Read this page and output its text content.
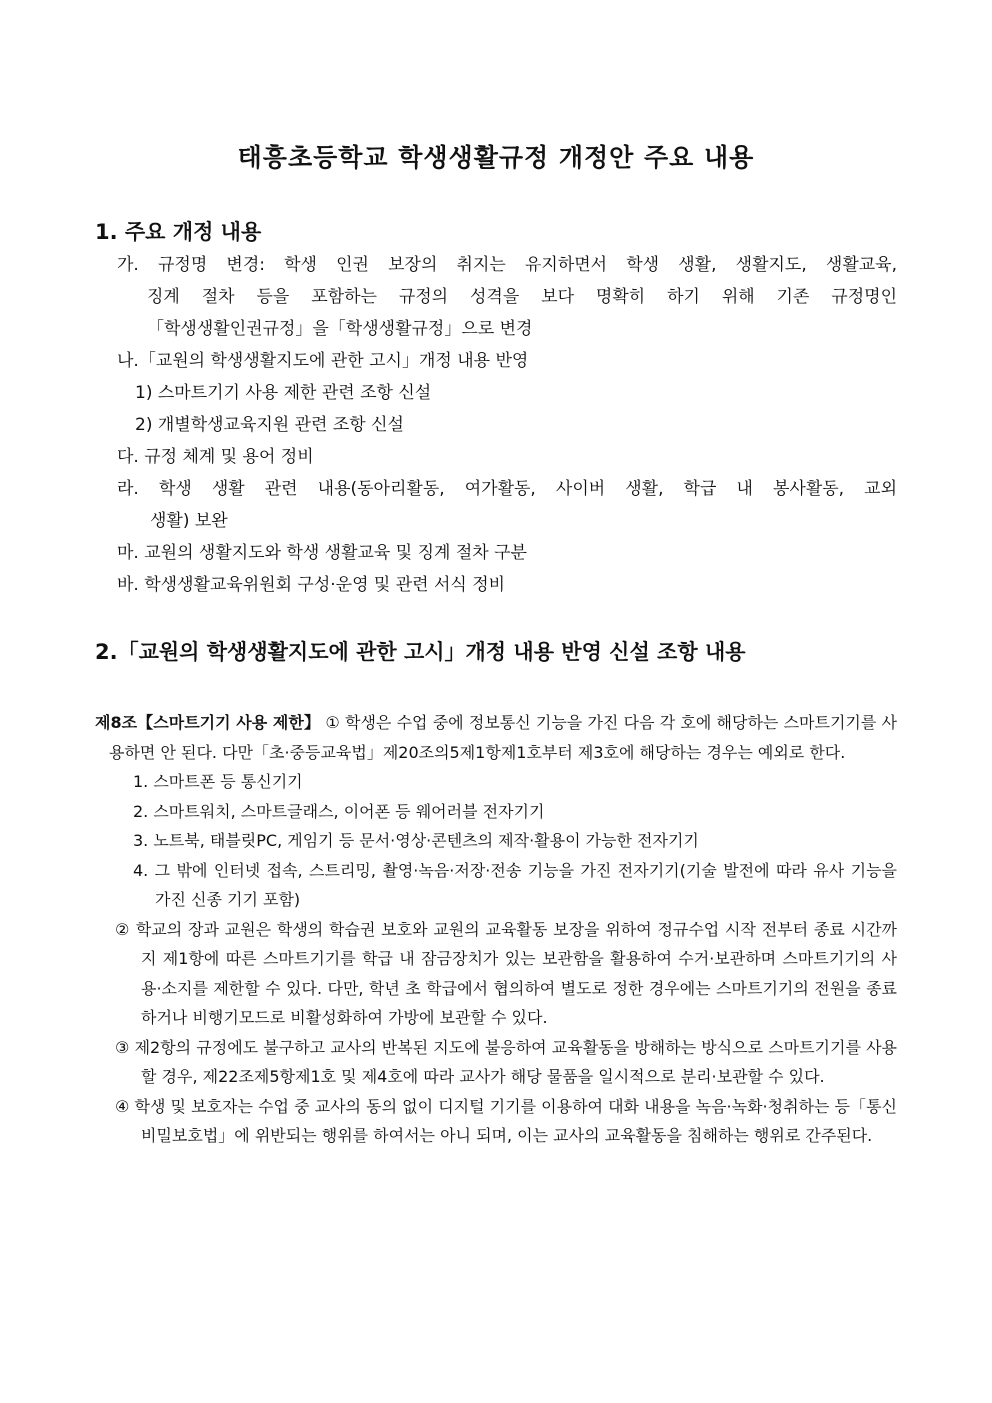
태흥초등학교 학생생활규정 개정안 주요 내용
1. 주요 개정 내용

가. 규정명 변경: 학생 인권 보장의 취지는 유지하면서 학생 생활, 생활지도, 생활교육,

징계 절차 등을 포함하는 규정의 성격을 보다 명확히 하기 위해 기존 규정명인

「학생생활인권규정」을「학생생활규정」으로 변경

나.「교원의 학생생활지도에 관한 고시」개정 내용 반영

1) 스마트기기 사용 제한 관련 조항 신설

2) 개별학생교육지원 관련 조항 신설

다. 규정 체계 및 용어 정비

라. 학생 생활 관련 내용(동아리활동, 여가활동, 사이버 생활, 학급 내 봉사활동, 교외

생활) 보완

마. 교원의 생활지도와 학생 생활교육 및 징계 절차 구분

바. 학생생활교육위원회 구성·운영 및 관련 서식 정비

2.「교원의 학생생활지도에 관한 고시」개정 내용 반영 신설 조항 내용

제8조【스마트기기 사용 제한】 ① 학생은 수업 중에 정보통신 기능을 가진 다음 각 호에 해당하는 스마트기기를 사용하면 안 된다. 다만「초·중등교육법」제20조의5제1항제1호부터 제3호에 해당하는 경우는 예외로 한다.

1. 스마트폰 등 통신기기

2. 스마트워치, 스마트글래스, 이어폰 등 웨어러블 전자기기

3. 노트북, 태블릿PC, 게임기 등 문서·영상·콘텐츠의 제작·활용이 가능한 전자기기

4. 그 밖에 인터넷 접속, 스트리밍, 촬영·녹음·저장·전송 기능을 가진 전자기기(기술 발전에 따라 유사 기능을 가진 신종 기기 포함)

② 학교의 장과 교원은 학생의 학습권 보호와 교원의 교육활동 보장을 위하여 정규수업 시작 전부터 종료 시간까지 제1항에 따른 스마트기기를 학급 내 잠금장치가 있는 보관함을 활용하여 수거·보관하며 스마트기기의 사용·소지를 제한할 수 있다. 다만, 학년 초 학급에서 협의하여 별도로 정한 경우에는 스마트기기의 전원을 종료하거나 비행기모드로 비활성화하여 가방에 보관할 수 있다.

③ 제2항의 규정에도 불구하고 교사의 반복된 지도에 불응하여 교육활동을 방해하는 방식으로 스마트기기를 사용할 경우, 제22조제5항제1호 및 제4호에 따라 교사가 해당 물품을 일시적으로 분리·보관할 수 있다.

④ 학생 및 보호자는 수업 중 교사의 동의 없이 디지털 기기를 이용하여 대화 내용을 녹음·녹화·청취하는 등「통신비밀보호법」에 위반되는 행위를 하여서는 아니 되며, 이는 교사의 교육활동을 침해하는 행위로 간주된다.
